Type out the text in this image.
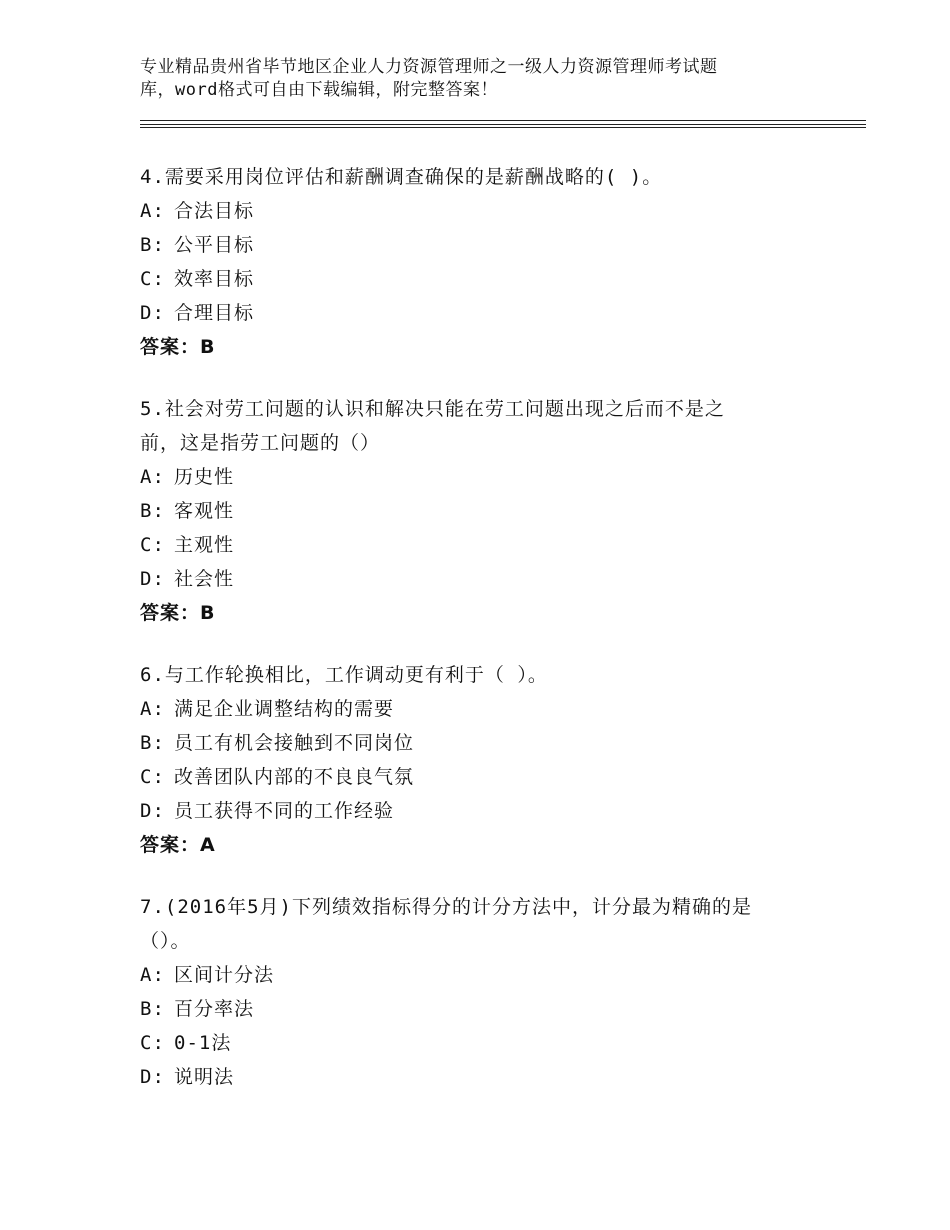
专业精品贵州省毕节地区企业人力资源管理师之一级人力资源管理师考试题
库，word格式可自由下载编辑，附完整答案！
4.需要采用岗位评估和薪酬调查确保的是薪酬战略的( )。
A: 合法目标
B: 公平目标
C: 效率目标
D: 合理目标
答案：B
5.社会对劳工问题的认识和解决只能在劳工问题出现之后而不是之
前，这是指劳工问题的（）
A: 历史性
B: 客观性
C: 主观性
D: 社会性
答案：B
6.与工作轮换相比，工作调动更有利于（ ）。
A: 满足企业调整结构的需要
B: 员工有机会接触到不同岗位
C: 改善团队内部的不良良气氛
D: 员工获得不同的工作经验
答案：A
7.(2016年5月)下列绩效指标得分的计分方法中，计分最为精确的是
（）。
A: 区间计分法
B: 百分率法
C: 0-1法
D: 说明法
